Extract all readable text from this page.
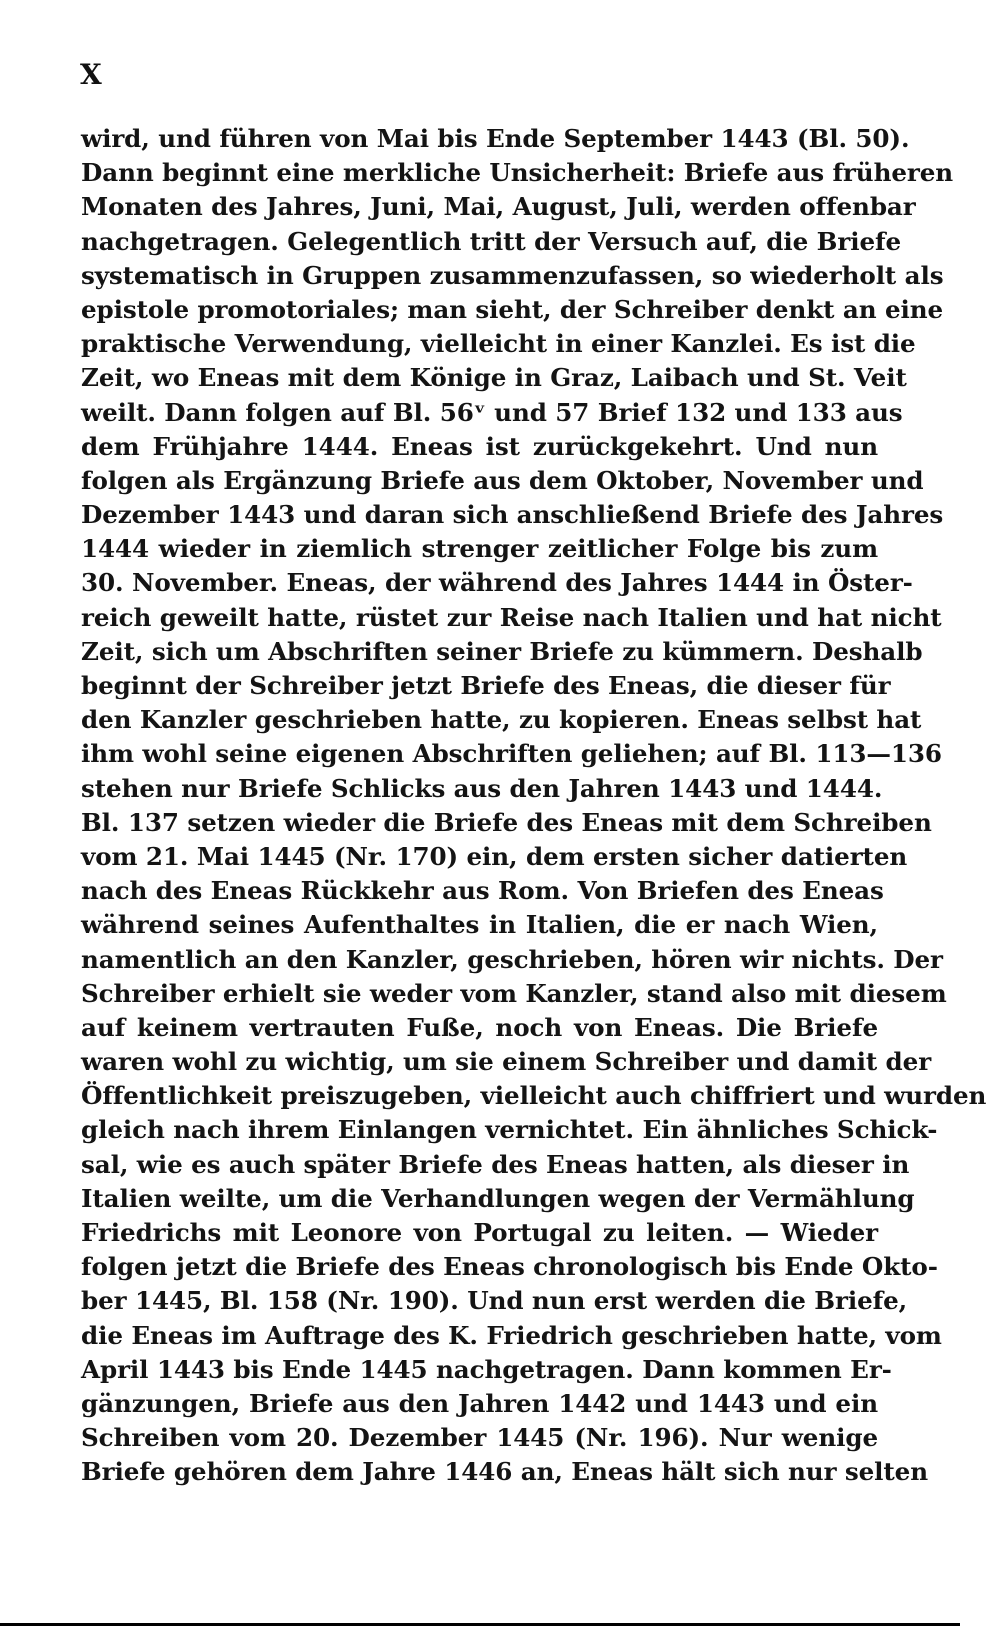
X
wird, und führen von Mai bis Ende September 1443 (Bl. 50).
Dann beginnt eine merkliche Unsicherheit: Briefe aus früheren
Monaten des Jahres, Juni, Mai, August, Juli, werden offenbar
nachgetragen. Gelegentlich tritt der Versuch auf, die Briefe
systematisch in Gruppen zusammenzufassen, so wiederholt als
epistole promotoriales; man sieht, der Schreiber denkt an eine
praktische Verwendung, vielleicht in einer Kanzlei. Es ist die
Zeit, wo Eneas mit dem Könige in Graz, Laibach und St. Veit
weilt. Dann folgen auf Bl. 56ᵛ und 57 Brief 132 und 133 aus
dem Frühjahre 1444. Eneas ist zurückgekehrt. Und nun
folgen als Ergänzung Briefe aus dem Oktober, November und
Dezember 1443 und daran sich anschließend Briefe des Jahres
1444 wieder in ziemlich strenger zeitlicher Folge bis zum
30. November. Eneas, der während des Jahres 1444 in Öster-
reich geweilt hatte, rüstet zur Reise nach Italien und hat nicht
Zeit, sich um Abschriften seiner Briefe zu kümmern. Deshalb
beginnt der Schreiber jetzt Briefe des Eneas, die dieser für
den Kanzler geschrieben hatte, zu kopieren. Eneas selbst hat
ihm wohl seine eigenen Abschriften geliehen; auf Bl. 113—136
stehen nur Briefe Schlicks aus den Jahren 1443 und 1444.
Bl. 137 setzen wieder die Briefe des Eneas mit dem Schreiben
vom 21. Mai 1445 (Nr. 170) ein, dem ersten sicher datierten
nach des Eneas Rückkehr aus Rom. Von Briefen des Eneas
während seines Aufenthaltes in Italien, die er nach Wien,
namentlich an den Kanzler, geschrieben, hören wir nichts. Der
Schreiber erhielt sie weder vom Kanzler, stand also mit diesem
auf keinem vertrauten Fuße, noch von Eneas. Die Briefe
waren wohl zu wichtig, um sie einem Schreiber und damit der
Öffentlichkeit preiszugeben, vielleicht auch chiffriert und wurden
gleich nach ihrem Einlangen vernichtet. Ein ähnliches Schick-
sal, wie es auch später Briefe des Eneas hatten, als dieser in
Italien weilte, um die Verhandlungen wegen der Vermählung
Friedrichs mit Leonore von Portugal zu leiten. — Wieder
folgen jetzt die Briefe des Eneas chronologisch bis Ende Okto-
ber 1445, Bl. 158 (Nr. 190). Und nun erst werden die Briefe,
die Eneas im Auftrage des K. Friedrich geschrieben hatte, vom
April 1443 bis Ende 1445 nachgetragen. Dann kommen Er-
gänzungen, Briefe aus den Jahren 1442 und 1443 und ein
Schreiben vom 20. Dezember 1445 (Nr. 196). Nur wenige
Briefe gehören dem Jahre 1446 an, Eneas hält sich nur selten
